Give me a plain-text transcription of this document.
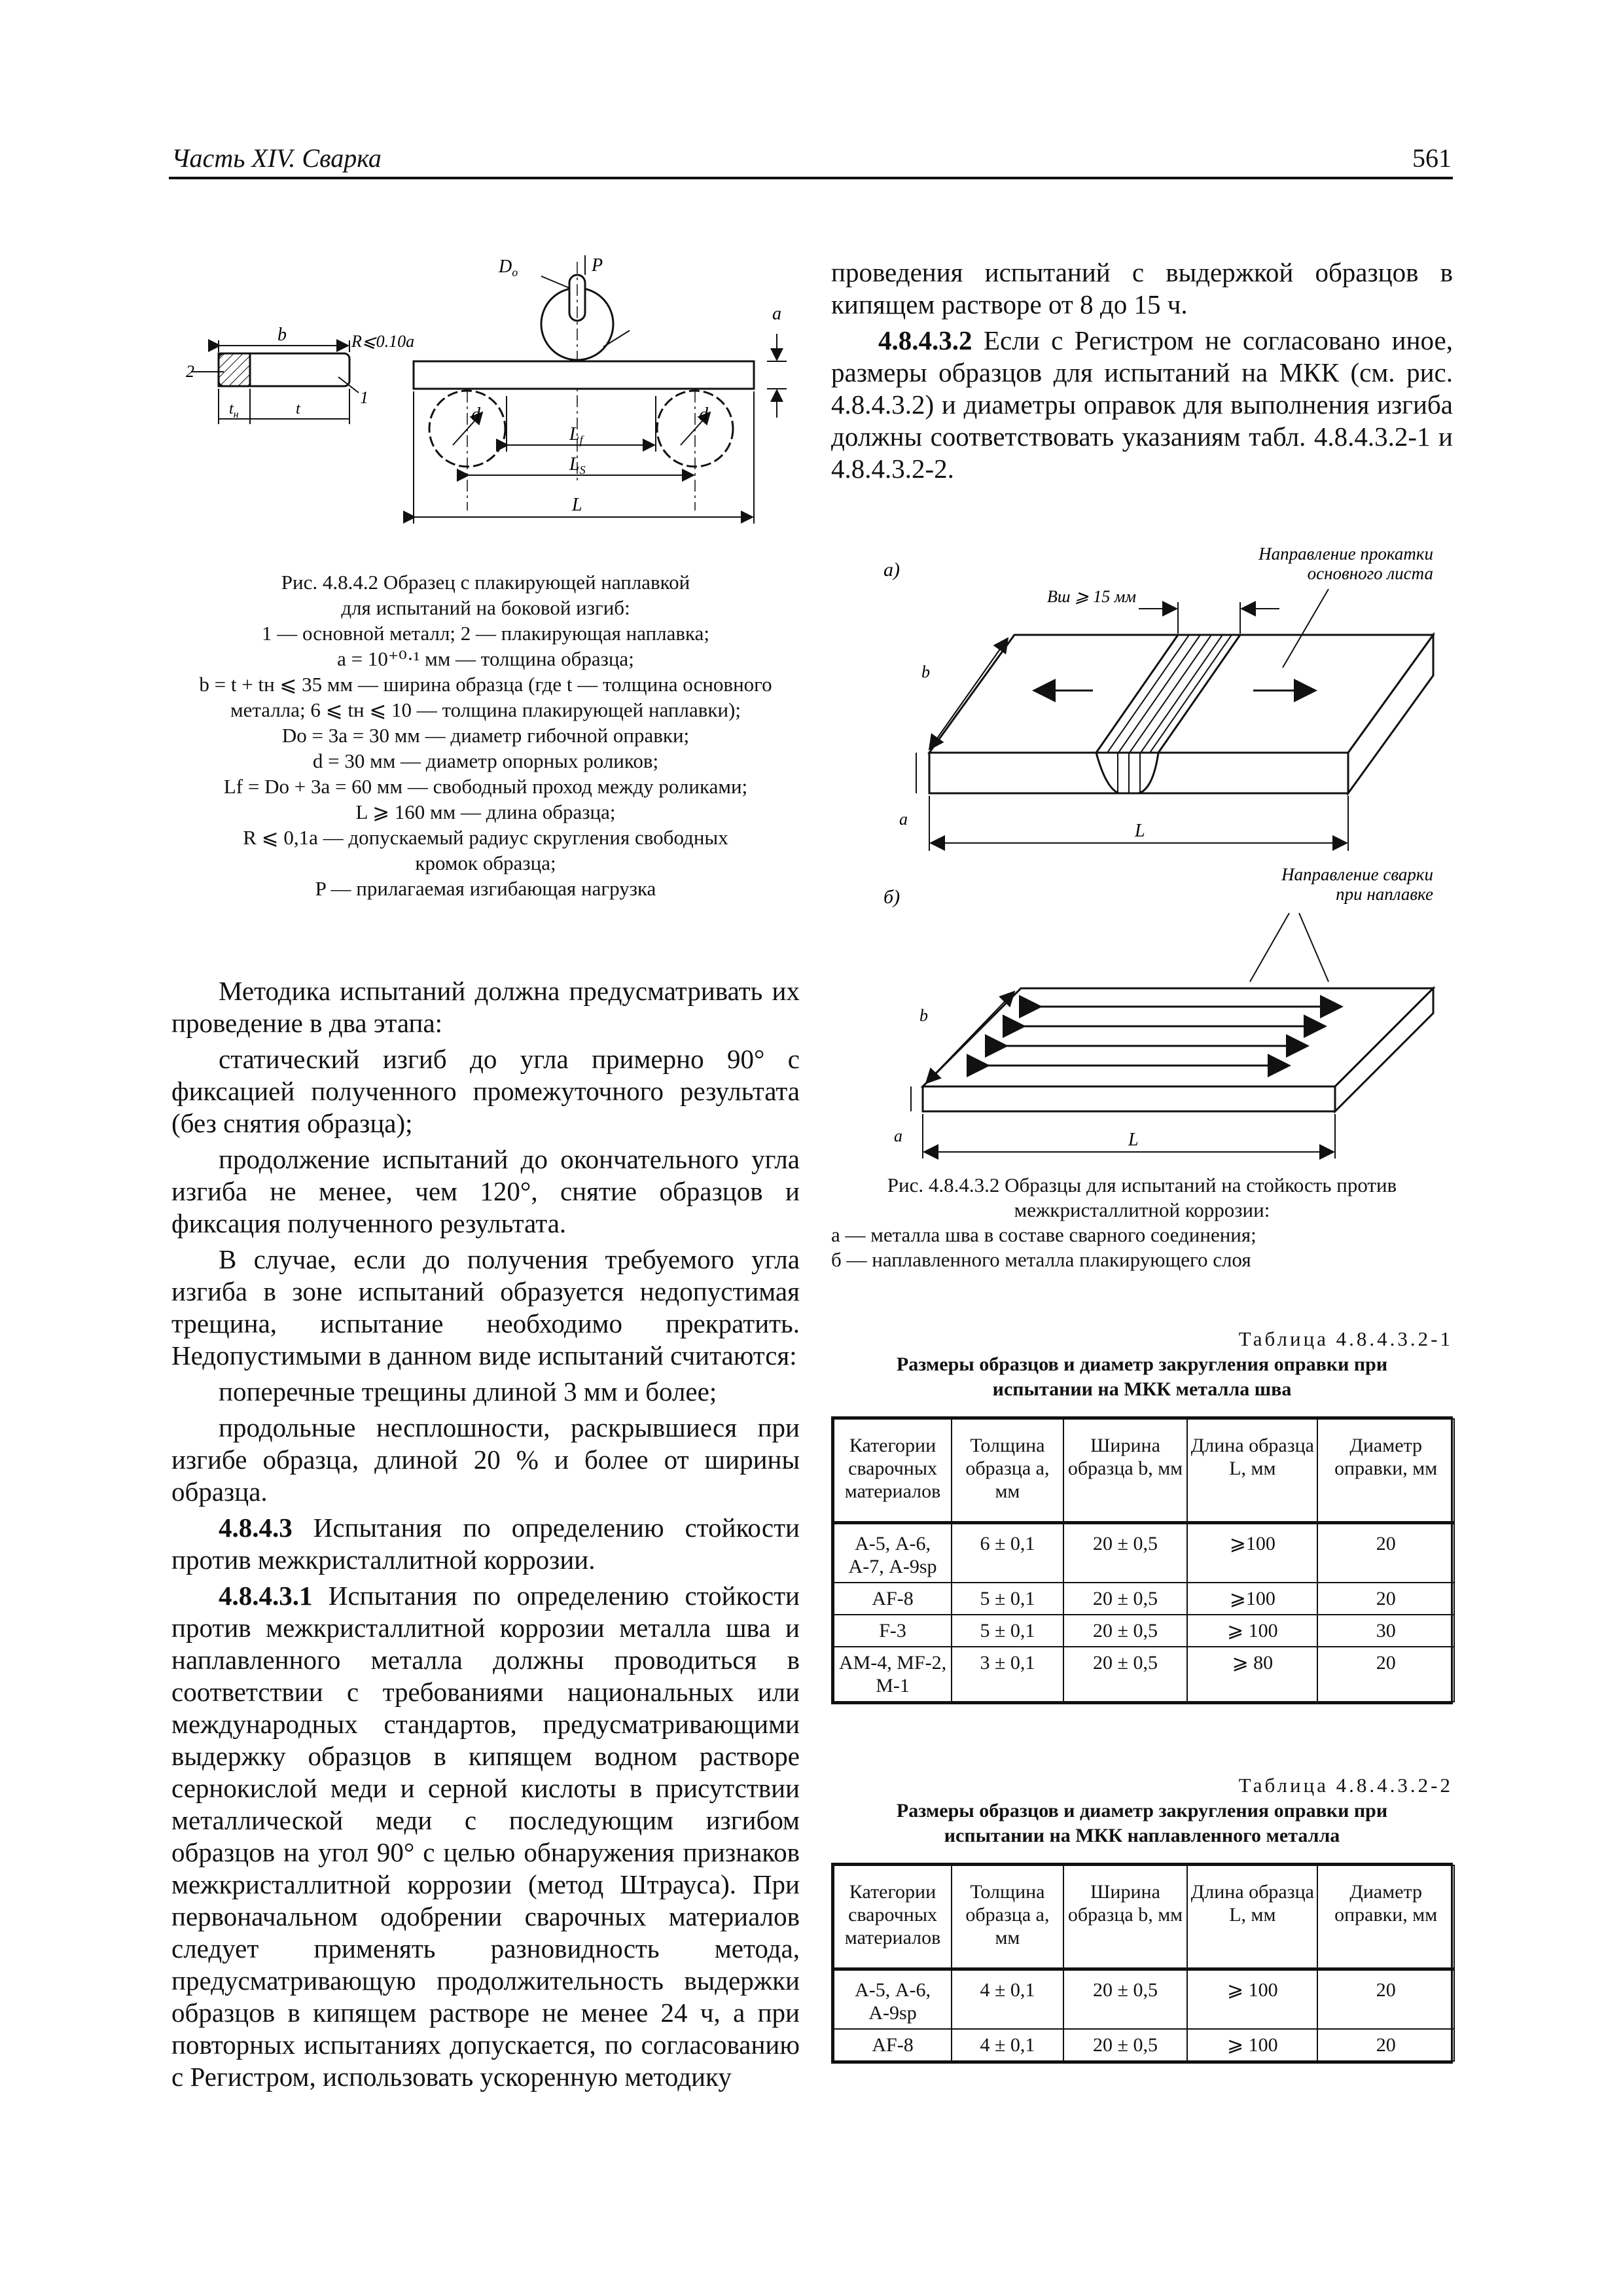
Часть XIV. Сварка	561
b	R⩽0.10a
2
1
$t_н$	t
$D_o$	P
a
d	d
$L_f$
$L_S$
L
Рис. 4.8.4.2 Образец с плакирующей наплавкой
для испытаний на боковой изгиб:
1 — основной металл; 2 — плакирующая наплавка;
a = 10⁺⁰·¹ мм — толщина образца;
b = t + tн ⩽ 35 мм — ширина образца (где t — толщина основного
металла; 6 ⩽ tн ⩽ 10 — толщина плакирующей наплавки);
Dо = 3a = 30 мм — диаметр гибочной оправки;
d = 30 мм — диаметр опорных роликов;
Lf = Dо + 3a = 60 мм — свободный проход между роликами;
L ⩾ 160 мм — длина образца;
R ⩽ 0,1a — допускаемый радиус скругления свободных
кромок образца;
P — прилагаемая изгибающая нагрузка

Методика испытаний должна предусматривать их проведение в два этапа:

статический изгиб до угла примерно 90° с фиксацией полученного промежуточного результата (без снятия образца);

продолжение испытаний до окончательного угла изгиба не менее, чем 120°, снятие образцов и фиксация полученного результата.

В случае, если до получения требуемого угла изгиба в зоне испытаний образуется недопустимая трещина, испытание необходимо прекратить. Недопустимыми в данном виде испытаний считаются:

поперечные трещины длиной 3 мм и более;

продольные несплошности, раскрывшиеся при изгибе образца, длиной 20 % и более от ширины образца.

4.8.4.3 Испытания по определению стойкости против межкристаллитной коррозии.

4.8.4.3.1 Испытания по определению стойкости против межкристаллитной коррозии металла шва и наплавленного металла должны проводиться в соответствии с требованиями национальных или международных стандартов, предусматривающими выдержку образцов в кипящем водном растворе сернокислой меди и серной кислоты в присутствии металлической меди с последующим изгибом образцов на угол 90° с целью обнаружения признаков межкристаллитной коррозии (метод Штрауса). При первоначальном одобрении сварочных материалов следует применять разновидность метода, предусматривающую продолжительность выдержки образцов в кипящем растворе не менее 24 ч, а при повторных испытаниях допускается, по согласованию с Регистром, использовать ускоренную методику

проведения испытаний с выдержкой образцов в кипящем растворе от 8 до 15 ч.

4.8.4.3.2 Если с Регистром не согласовано иное, размеры образцов для испытаний на МКК (см. рис. 4.8.4.3.2) и диаметры оправок для выполнения изгиба должны соответствовать указаниям табл. 4.8.4.3.2-1 и 4.8.4.3.2-2.

а)
Направление прокатки
основного листа
Bш ⩾ 15 мм
b
L
a
б)
Направление сварки
при наплавке
b
L
a
Рис. 4.8.4.3.2 Образцы для испытаний на стойкость против
межкристаллитной коррозии:
а — металла шва в составе сварного соединения;
б — наплавленного металла плакирующего слоя
Таблица 4.8.4.3.2-1
Размеры образцов и диаметр закругления оправки при
испытании на МКК металла шва
Категории сварочных материалов	Толщина образца a, мм	Ширина образца b, мм	Длина образца L, мм	Диаметр оправки, мм
А-5, А-6, А-7, А-9sp	6 ± 0,1	20 ± 0,5	⩾100	20
AF-8	5 ± 0,1	20 ± 0,5	⩾100	20
F-3	5 ± 0,1	20 ± 0,5	⩾ 100	30
AM-4, MF-2, M-1	3 ± 0,1	20 ± 0,5	⩾ 80	20
Таблица 4.8.4.3.2-2
Размеры образцов и диаметр закругления оправки при
испытании на МКК наплавленного металла
Категории сварочных материалов	Толщина образца a, мм	Ширина образца b, мм	Длина образца L, мм	Диаметр оправки, мм
А-5, А-6, А-9sp	4 ± 0,1	20 ± 0,5	⩾ 100	20
AF-8	4 ± 0,1	20 ± 0,5	⩾ 100	20
